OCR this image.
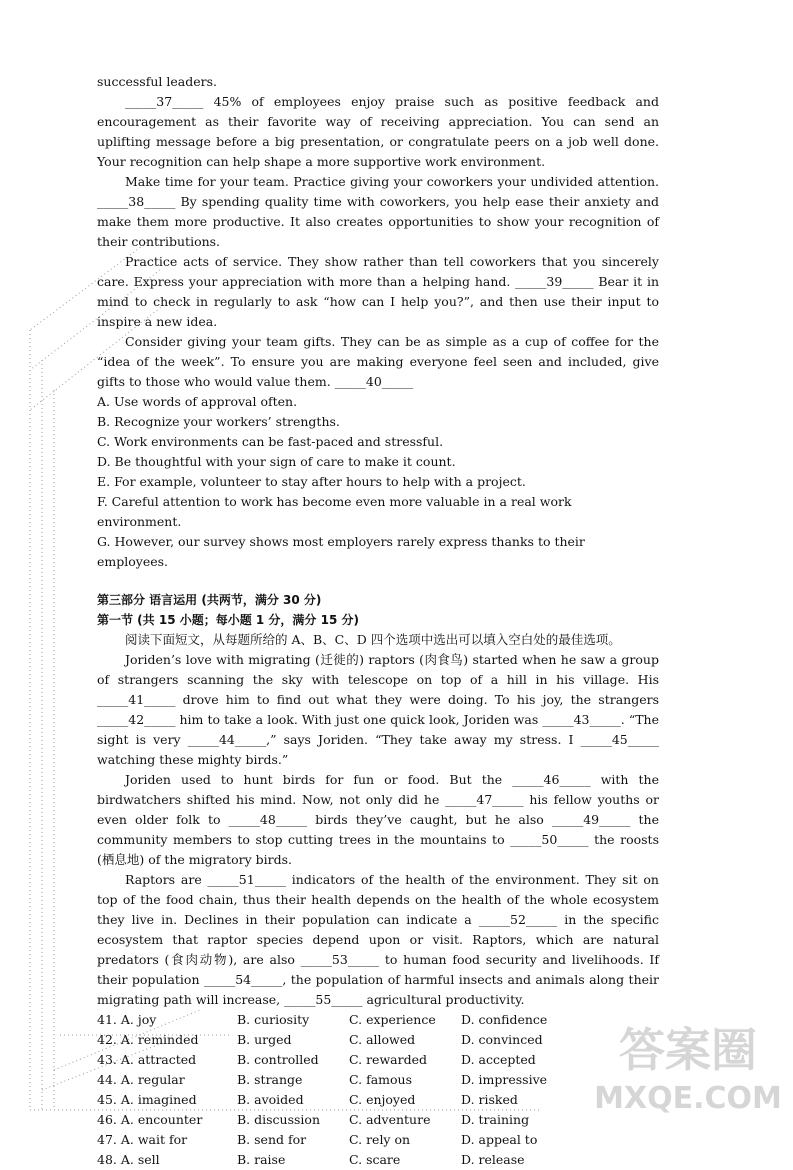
successful leaders.

_____37_____ 45% of employees enjoy praise such as positive feedback and encouragement as their favorite way of receiving appreciation. You can send an uplifting message before a big presentation, or congratulate peers on a job well done. Your recognition can help shape a more supportive work environment.

Make time for your team. Practice giving your coworkers your undivided attention. _____38_____ By spending quality time with coworkers, you help ease their anxiety and make them more productive. It also creates opportunities to show your recognition of their contributions.

Practice acts of service. They show rather than tell coworkers that you sincerely care. Express your appreciation with more than a helping hand. _____39_____ Bear it in mind to check in regularly to ask “how can I help you?”, and then use their input to inspire a new idea.

Consider giving your team gifts. They can be as simple as a cup of coffee for the “idea of the week”. To ensure you are making everyone feel seen and included, give gifts to those who would value them. _____40_____

A. Use words of approval often.

B. Recognize your workers’ strengths.

C. Work environments can be fast-paced and stressful.

D. Be thoughtful with your sign of care to make it count.

E. For example, volunteer to stay after hours to help with a project.

F. Careful attention to work has become even more valuable in a real work environment.

G. However, our survey shows most employers rarely express thanks to their employees.

第三部分 语言运用 (共两节，满分 30 分)

第一节 (共 15 小题；每小题 1 分，满分 15 分)

阅读下面短文，从每题所给的 A、B、C、D 四个选项中选出可以填入空白处的最佳选项。

Joriden’s love with migrating (迁徙的) raptors (肉食鸟) started when he saw a group of strangers scanning the sky with telescope on top of a hill in his village. His _____41_____ drove him to find out what they were doing. To his joy, the strangers _____42_____ him to take a look. With just one quick look, Joriden was _____43_____. “The sight is very _____44_____,” says Joriden. “They take away my stress. I _____45_____ watching these mighty birds.”

Joriden used to hunt birds for fun or food. But the _____46_____ with the birdwatchers shifted his mind. Now, not only did he _____47_____ his fellow youths or even older folk to _____48_____ birds they’ve caught, but he also _____49_____ the community members to stop cutting trees in the mountains to _____50_____ the roosts (栖息地) of the migratory birds.

Raptors are _____51_____ indicators of the health of the environment. They sit on top of the food chain, thus their health depends on the health of the whole ecosystem they live in. Declines in their population can indicate a _____52_____ in the specific ecosystem that raptor species depend upon or visit. Raptors, which are natural predators (食肉动物), are also _____53_____ to human food security and livelihoods. If their population _____54_____, the population of harmful insects and animals along their migrating path will increase, _____55_____ agricultural productivity.

41. A. joy	B. curiosity	C. experience	D. confidence
42. A. reminded	B. urged	C. allowed	D. convinced
43. A. attracted	B. controlled	C. rewarded	D. accepted
44. A. regular	B. strange	C. famous	D. impressive
45. A. imagined	B. avoided	C. enjoyed	D. risked
46. A. encounter	B. discussion	C. adventure	D. training
47. A. wait for	B. send for	C. rely on	D. appeal to
48. A. sell	B. raise	C. scare	D. release
答案圈
MXQE.COM
